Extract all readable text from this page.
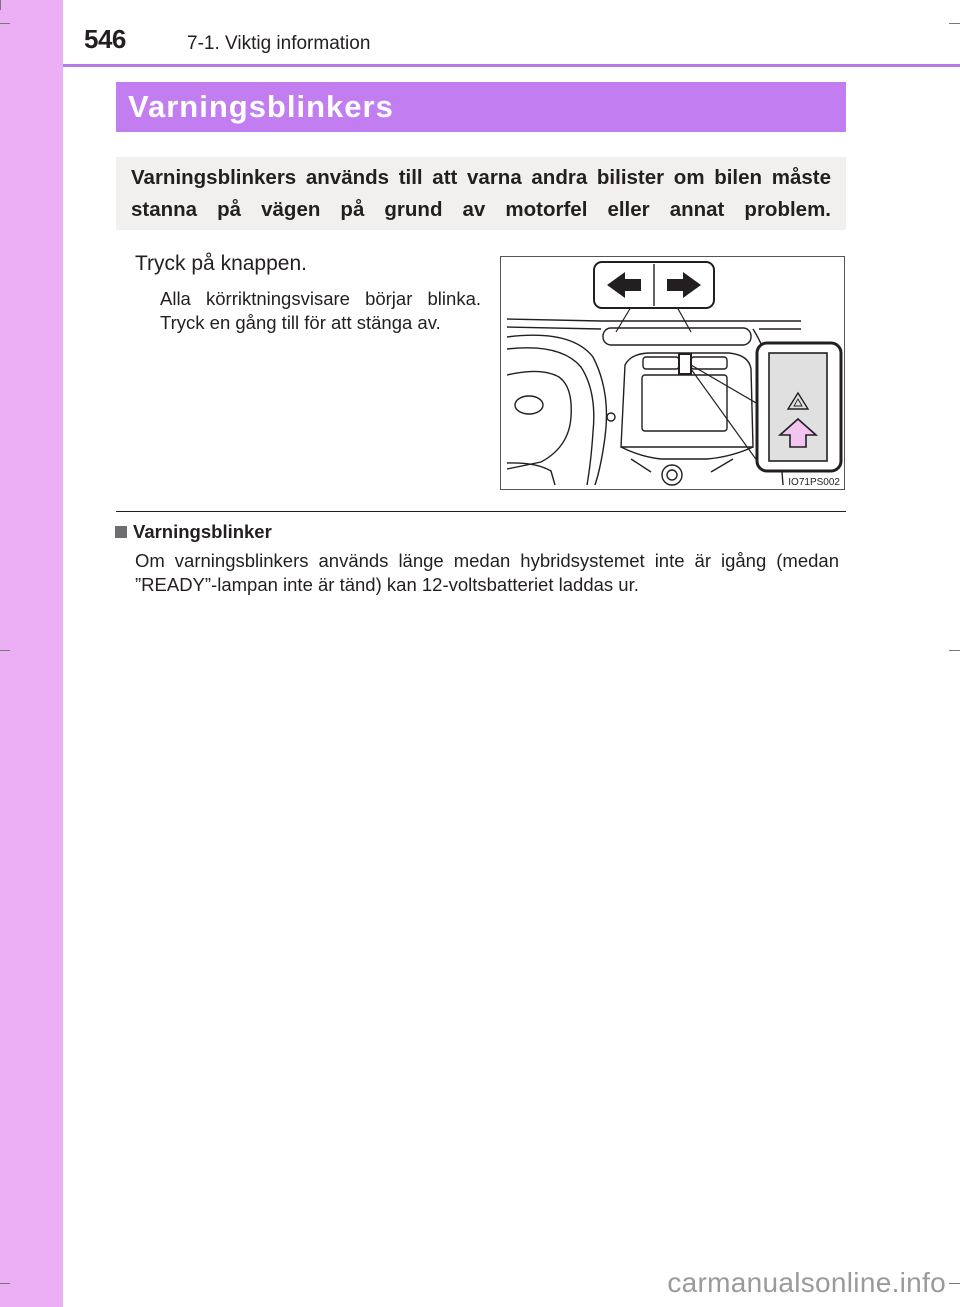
546	7-1. Viktig information
Varningsblinkers

Varningsblinkers används till att varna andra bilister om bilen måste stanna på vägen på grund av motorfel eller annat problem.

Tryck på knappen.

Alla körriktningsvisare börjar blinka. Tryck en gång till för att stänga av.

IO71PS002
Varningsblinker

Om varningsblinkers används länge medan hybridsystemet inte är igång (medan ”READY”-lampan inte är tänd) kan 12-voltsbatteriet laddas ur.

carmanualsonline.info
